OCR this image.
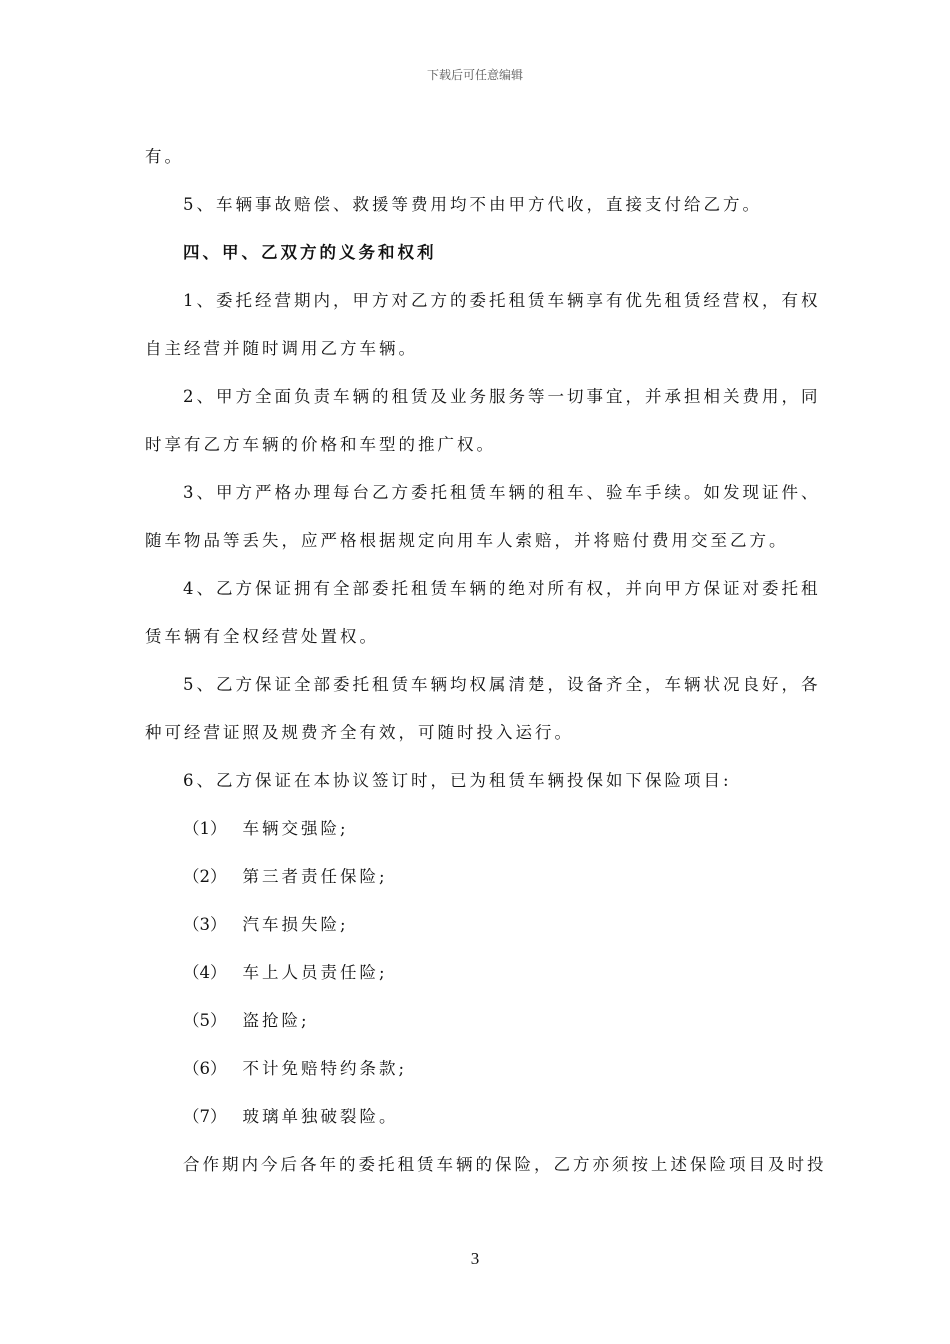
下载后可任意编辑
有。
5、车辆事故赔偿、救援等费用均不由甲方代收，直接支付给乙方。
四、甲、乙双方的义务和权利
1、委托经营期内，甲方对乙方的委托租赁车辆享有优先租赁经营权，有权
自主经营并随时调用乙方车辆。
2、甲方全面负责车辆的租赁及业务服务等一切事宜，并承担相关费用，同
时享有乙方车辆的价格和车型的推广权。
3、甲方严格办理每台乙方委托租赁车辆的租车、验车手续。如发现证件、
随车物品等丢失，应严格根据规定向用车人索赔，并将赔付费用交至乙方。
4、乙方保证拥有全部委托租赁车辆的绝对所有权，并向甲方保证对委托租
赁车辆有全权经营处置权。
5、乙方保证全部委托租赁车辆均权属清楚，设备齐全，车辆状况良好，各
种可经营证照及规费齐全有效，可随时投入运行。
6、乙方保证在本协议签订时，已为租赁车辆投保如下保险项目:
（1） 车辆交强险;
（2） 第三者责任保险;
（3） 汽车损失险;
（4） 车上人员责任险;
（5） 盗抢险;
（6） 不计免赔特约条款;
（7） 玻璃单独破裂险。
合作期内今后各年的委托租赁车辆的保险，乙方亦须按上述保险项目及时投
3
